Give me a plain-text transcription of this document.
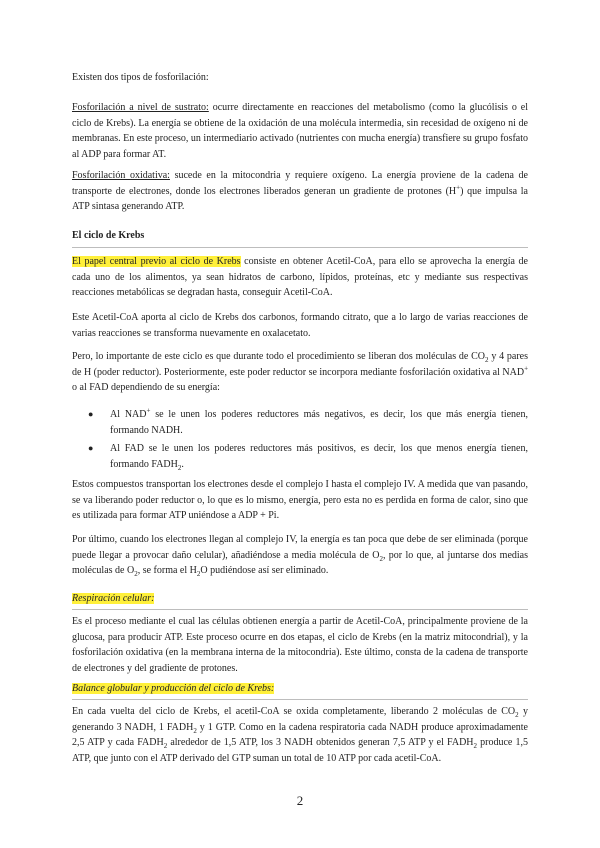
Existen dos tipos de fosforilación:

Fosforilación a nivel de sustrato: ocurre directamente en reacciones del metabolismo (como la glucólisis o el ciclo de Krebs). La energía se obtiene de la oxidación de una molécula intermedia, sin recesidad de oxígeno ni de membranas. En este proceso, un intermediario activado (nutrientes con mucha energía) transfiere su grupo fosfato al ADP para formar AT.

Fosforilación oxidativa: sucede en la mitocondria y requiere oxígeno. La energía proviene de la cadena de transporte de electrones, donde los electrones liberados generan un gradiente de protones (H+) que impulsa la ATP sintasa generando ATP.

El ciclo de Krebs

El papel central previo al ciclo de Krebs consiste en obtener Acetil-CoA, para ello se aprovecha la energía de cada uno de los alimentos, ya sean hidratos de carbono, lípidos, proteínas, etc y mediante sus respectivas reacciones metabólicas se degradan hasta, conseguir Acetil-CoA.

Este Acetil-CoA aporta al ciclo de Krebs dos carbonos, formando citrato, que a lo largo de varias reacciones de varias reacciones se transforma nuevamente en oxalacetato.

Pero, lo importante de este ciclo es que durante todo el procedimiento se liberan dos moléculas de $CO_2$ y 4 pares de H (poder reductor). Posteriormente, este poder reductor se incorpora mediante fosforilación oxidativa al NAD+ o al FAD dependiendo de su energía:

● Al NAD+ se le unen los poderes reductores más negativos, es decir, los que más energía tienen, formando NADH.
● Al FAD se le unen los poderes reductores más positivos, es decir, los que menos energía tienen, formando $FADH_2$.

Estos compuestos transportan los electrones desde el complejo I hasta el complejo IV. A medida que van pasando, se va liberando poder reductor o, lo que es lo mismo, energía, pero esta no es perdida en forma de calor, sino que es utilizada para formar ATP uniéndose a ADP + Pi.

Por último, cuando los electrones llegan al complejo IV, la energía es tan poca que debe de ser eliminada (porque puede llegar a provocar daño celular), añadiéndose a media molécula de $O_2$, por lo que, al juntarse dos medias moléculas de $O_2$, se forma el $H_2O$ pudiéndose así ser eliminado.

Respiración celular:

Es el proceso mediante el cual las células obtienen energía a partir de Acetil-CoA, principalmente proviene de la glucosa, para producir ATP. Este proceso ocurre en dos etapas, el ciclo de Krebs (en la matriz mitocondrial), y la fosforilación oxidativa (en la membrana interna de la mitocondria). Este último, consta de la cadena de transporte de electrones y del gradiente de protones.

Balance globular y producción del ciclo de Krebs:

En cada vuelta del ciclo de Krebs, el acetil-CoA se oxida completamente, liberando 2 moléculas de $CO_2$ y generando 3 NADH, 1 $FADH_2$ y 1 GTP. Como en la cadena respiratoria cada NADH produce aproximadamente 2,5 ATP y cada $FADH_2$ alrededor de 1,5 ATP, los 3 NADH obtenidos generan 7,5 ATP y el $FADH_2$ produce 1,5 ATP, que junto con el ATP derivado del GTP suman un total de 10 ATP por cada acetil-CoA.

2
